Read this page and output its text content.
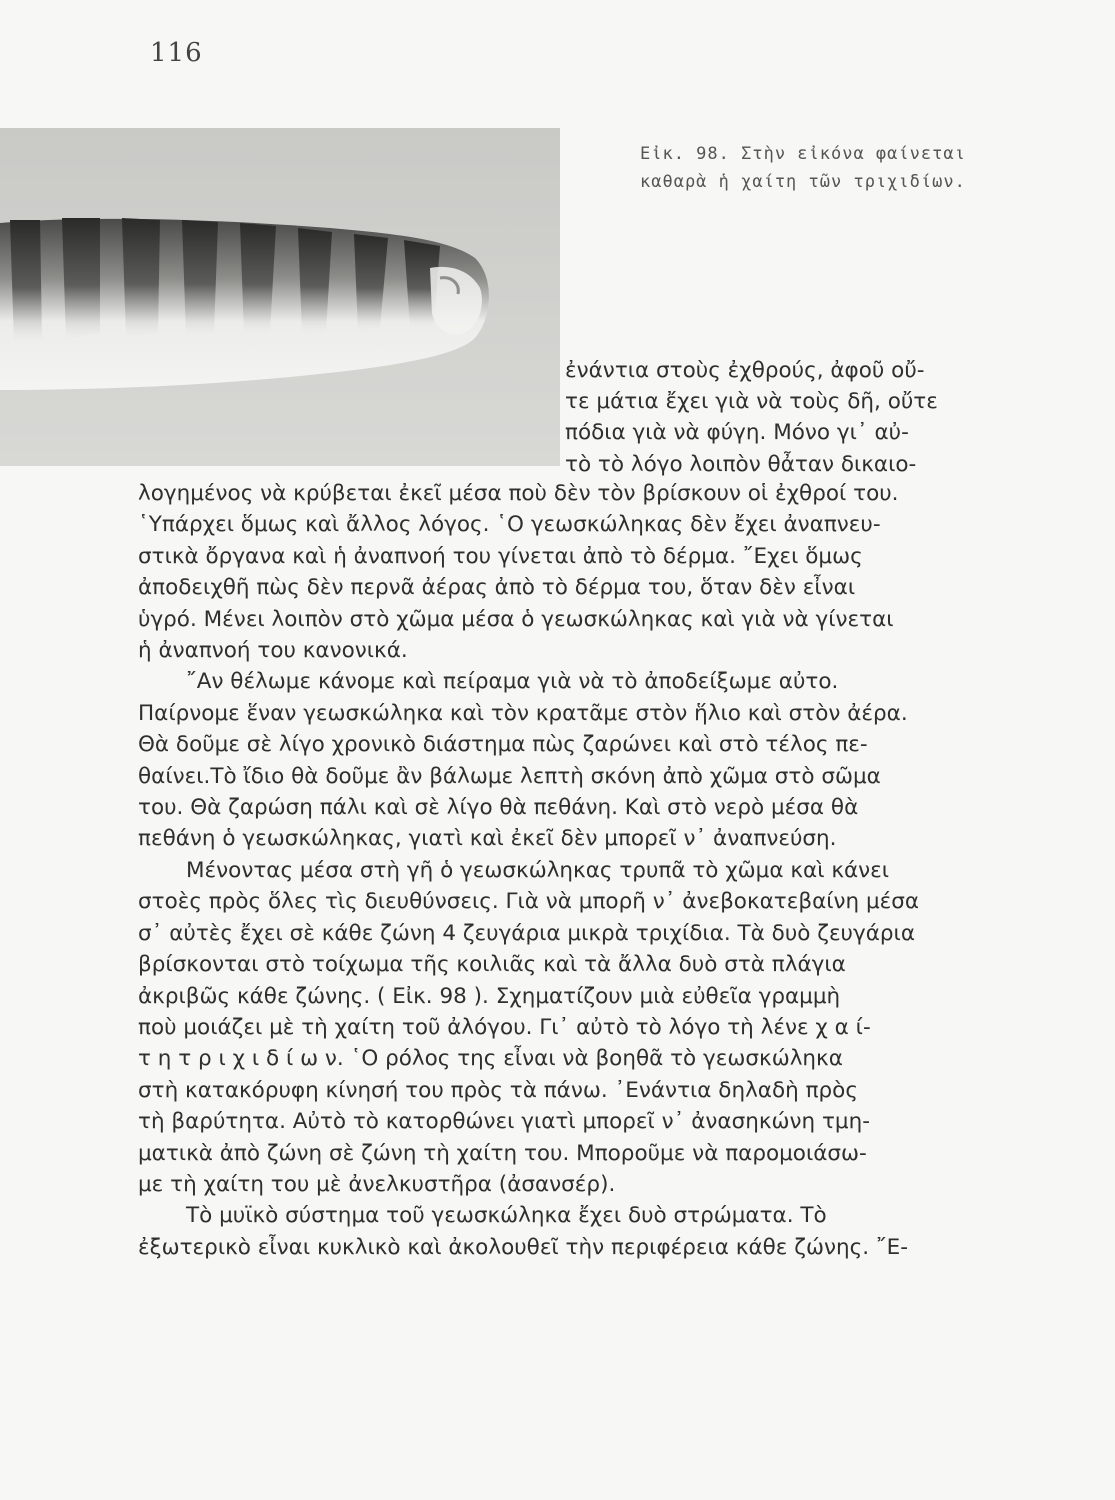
116
Εἰκ. 98. Στὴν εἰκόνα φαίνεται
καθαρὰ ἡ χαίτη τῶν τριχιδίων.
ἐνάντια στοὺς ἐχθρούς, ἀφοῦ οὔ-
τε μάτια ἔχει γιὰ νὰ τοὺς δῆ, οὔτε
πόδια γιὰ νὰ φύγη. Μόνο γι᾽ αὐ-
τὸ τὸ λόγο λοιπὸν θἆταν δικαιο-
λογημένος νὰ κρύβεται ἐκεῖ μέσα ποὺ δὲν τὸν βρίσκουν οἱ ἐχθροί του.
῾Υπάρχει ὅμως καὶ ἄλλος λόγος. ῾Ο γεωσκώληκας δὲν ἔχει ἀναπνευ-
στικὰ ὄργανα καὶ ἡ ἀναπνοή του γίνεται ἀπὸ τὸ δέρμα. ῎Εχει ὅμως
ἀποδειχθῆ πὼς δὲν περνᾶ ἀέρας ἀπὸ τὸ δέρμα του, ὅταν δὲν εἶναι
ὑγρό. Μένει λοιπὸν στὸ χῶμα μέσα ὁ γεωσκώληκας καὶ γιὰ νὰ γίνεται
ἡ ἀναπνοή του κανονικά.
῎Αν θέλωμε κάνομε καὶ πείραμα γιὰ νὰ τὸ ἀποδείξωμε αὐτο.
Παίρνομε ἕναν γεωσκώληκα καὶ τὸν κρατᾶμε στὸν ἥλιο καὶ στὸν ἀέρα.
Θὰ δοῦμε σὲ λίγο χρονικὸ διάστημα πὼς ζαρώνει καὶ στὸ τέλος πε-
θαίνει.Τὸ ἴδιο θὰ δοῦμε ἂν βάλωμε λεπτὴ σκόνη ἀπὸ χῶμα στὸ σῶμα
του. Θὰ ζαρώση πάλι καὶ σὲ λίγο θὰ πεθάνη. Καὶ στὸ νερὸ μέσα θὰ
πεθάνη ὁ γεωσκώληκας, γιατὶ καὶ ἐκεῖ δὲν μπορεῖ ν᾽ ἀναπνεύση.
Μένοντας μέσα στὴ γῆ ὁ γεωσκώληκας τρυπᾶ τὸ χῶμα καὶ κάνει
στοὲς πρὸς ὅλες τὶς διευθύνσεις. Γιὰ νὰ μπορῆ ν᾽ ἀνεβοκατεβαίνη μέσα
σ᾽ αὐτὲς ἔχει σὲ κάθε ζώνη 4 ζευγάρια μικρὰ τριχίδια. Τὰ δυὸ ζευγάρια
βρίσκονται στὸ τοίχωμα τῆς κοιλιᾶς καὶ τὰ ἄλλα δυὸ στὰ πλάγια
ἀκριβῶς κάθε ζώνης. ( Εἰκ. 98 ). Σχηματίζουν μιὰ εὐθεῖα γραμμὴ
ποὺ μοιάζει μὲ τὴ χαίτη τοῦ ἀλόγου. Γι᾽ αὐτὸ τὸ λόγο τὴ λένε χ α ί-
τ η τ ρ ι χ ι δ ί ω ν. ῾Ο ρόλος της εἶναι νὰ βοηθᾶ τὸ γεωσκώληκα
στὴ κατακόρυφη κίνησή του πρὸς τὰ πάνω. ᾿Ενάντια δηλαδὴ πρὸς
τὴ βαρύτητα. Αὐτὸ τὸ κατορθώνει γιατὶ μπορεῖ ν᾽ ἀνασηκώνη τμη-
ματικὰ ἀπὸ ζώνη σὲ ζώνη τὴ χαίτη του. Μποροῦμε νὰ παρομοιάσω-
με τὴ χαίτη του μὲ ἀνελκυστῆρα (ἀσανσέρ).
Τὸ μυϊκὸ σύστημα τοῦ γεωσκώληκα ἔχει δυὸ στρώματα. Τὸ
ἐξωτερικὸ εἶναι κυκλικὸ καὶ ἀκολουθεῖ τὴν περιφέρεια κάθε ζώνης. ῎Ε-
